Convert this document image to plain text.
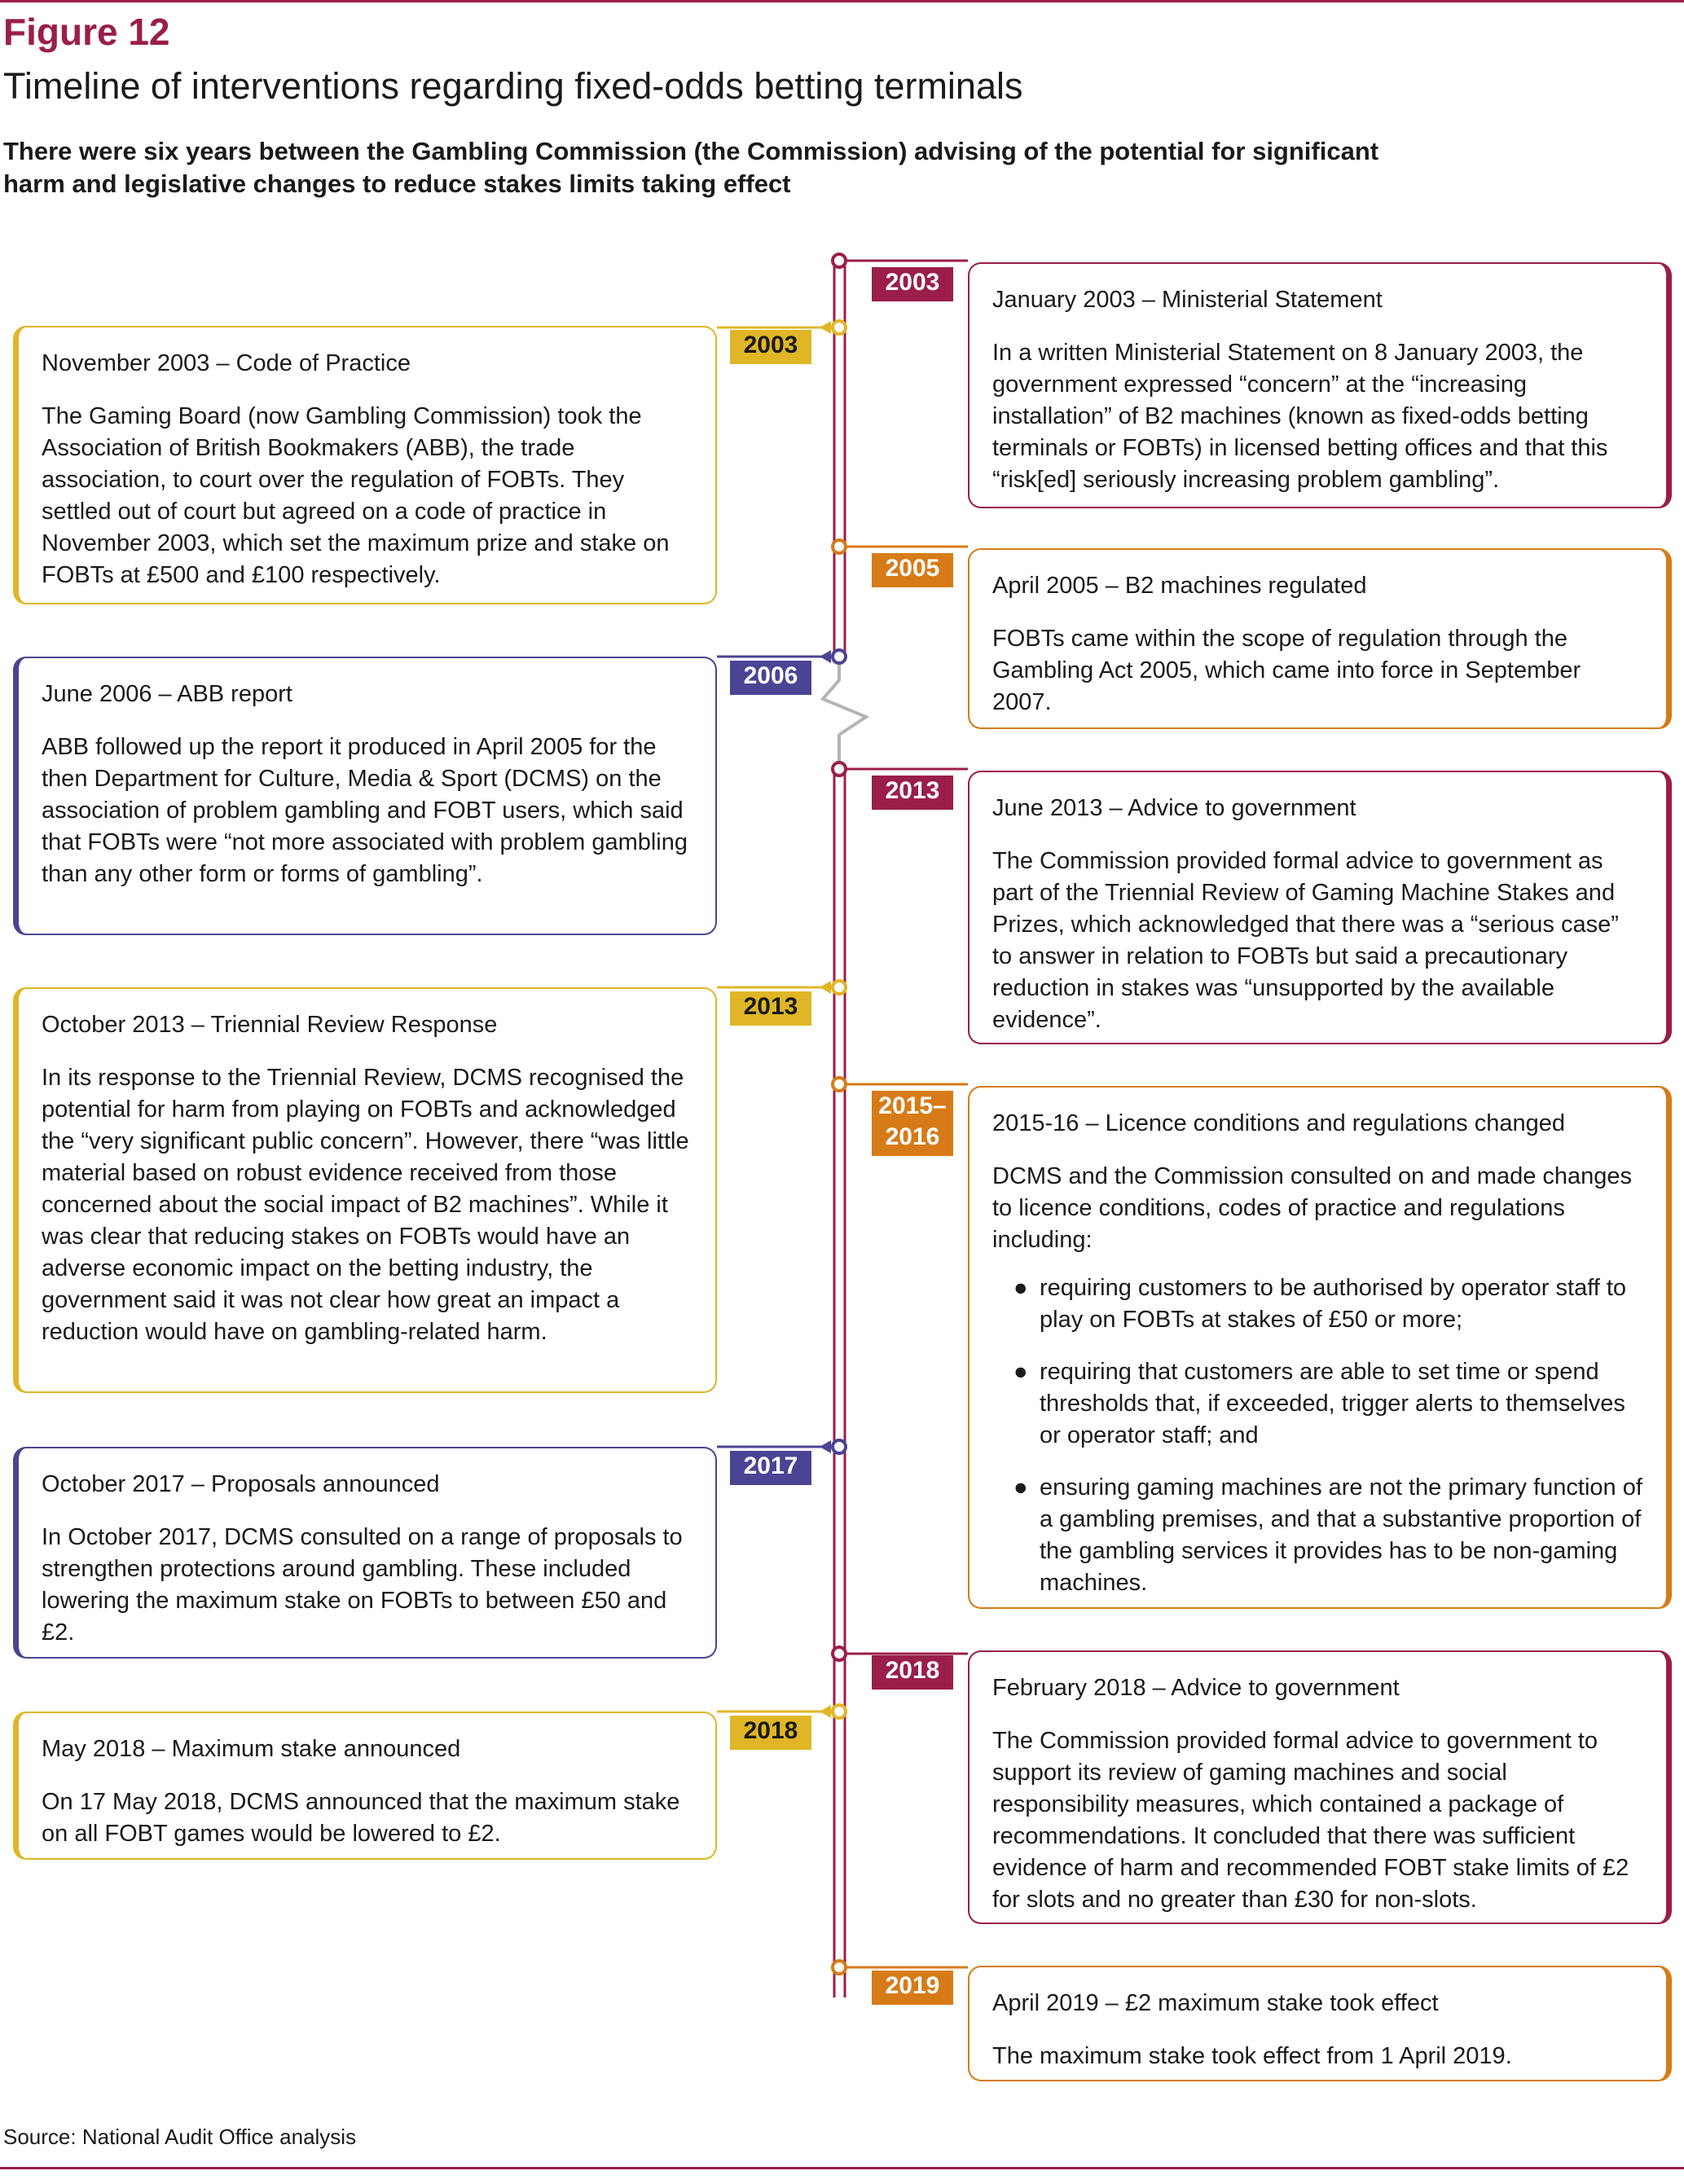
Figure 12
Timeline of interventions regarding fixed-odds betting terminals
There were six years between the Gambling Commission (the Commission) advising of the potential for significant harm and legislative changes to reduce stakes limits taking effect

November 2003 – Code of Practice

The Gaming Board (now Gambling Commission) took the Association of British Bookmakers (ABB), the trade association, to court over the regulation of FOBTs. They settled out of court but agreed on a code of practice in November 2003, which set the maximum prize and stake on FOBTs at £500 and £100 respectively.

2003

June 2006 – ABB report

ABB followed up the report it produced in April 2005 for the then Department for Culture, Media & Sport (DCMS) on the association of problem gambling and FOBT users, which said that FOBTs were “not more associated with problem gambling than any other form or forms of gambling”.

2006

October 2013 – Triennial Review Response

In its response to the Triennial Review, DCMS recognised the potential for harm from playing on FOBTs and acknowledged the “very significant public concern”. However, there “was little material based on robust evidence received from those concerned about the social impact of B2 machines”. While it was clear that reducing stakes on FOBTs would have an adverse economic impact on the betting industry, the government said it was not clear how great an impact a reduction would have on gambling-related harm.

2013

October 2017 – Proposals announced

In October 2017, DCMS consulted on a range of proposals to strengthen protections around gambling. These included lowering the maximum stake on FOBTs to between £50 and £2.

2017

May 2018 – Maximum stake announced

On 17 May 2018, DCMS announced that the maximum stake on all FOBT games would be lowered to £2.

2018
2003

January 2003 – Ministerial Statement

In a written Ministerial Statement on 8 January 2003, the government expressed “concern” at the “increasing installation” of B2 machines (known as fixed-odds betting terminals or FOBTs) in licensed betting offices and that this “risk[ed] seriously increasing problem gambling”.

2005

April 2005 – B2 machines regulated

FOBTs came within the scope of regulation through the Gambling Act 2005, which came into force in September 2007.

2013

June 2013 – Advice to government

The Commission provided formal advice to government as part of the Triennial Review of Gaming Machine Stakes and Prizes, which acknowledged that there was a “serious case” to answer in relation to FOBTs but said a precautionary reduction in stakes was “unsupported by the available evidence”.

2015–
2016	2015-16 – Licence conditions and regulations changed

DCMS and the Commission consulted on and made changes to licence conditions, codes of practice and regulations including:

● requiring customers to be authorised by operator staff to play on FOBTs at stakes of £50 or more;
● requiring that customers are able to set time or spend thresholds that, if exceeded, trigger alerts to themselves or operator staff; and
● ensuring gaming machines are not the primary function of a gambling premises, and that a substantive proportion of the gambling services it provides has to be non-gaming machines.
2018

February 2018 – Advice to government

The Commission provided formal advice to government to support its review of gaming machines and social responsibility measures, which contained a package of recommendations. It concluded that there was sufficient evidence of harm and recommended FOBT stake limits of £2 for slots and no greater than £30 for non-slots.

2019

April 2019 – £2 maximum stake took effect

The maximum stake took effect from 1 April 2019.

Source: National Audit Office analysis
